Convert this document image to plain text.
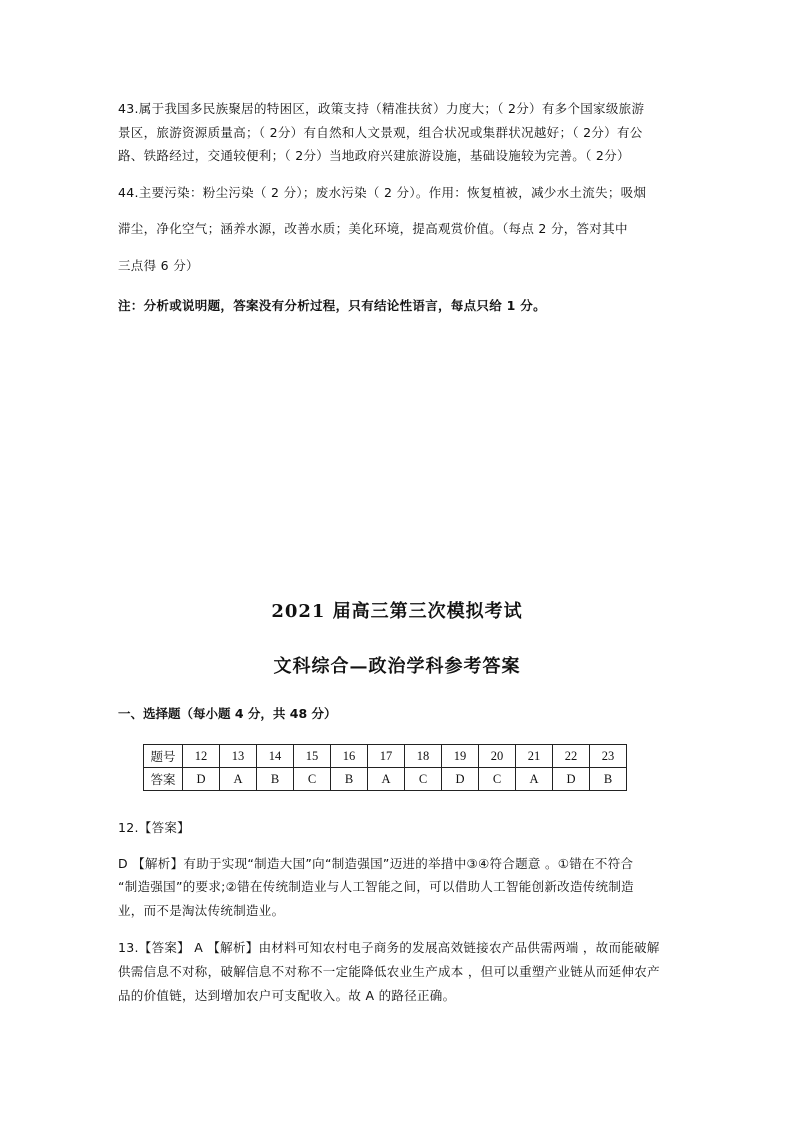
43.属于我国多民族聚居的特困区，政策支持（精准扶贫）力度大；（ 2分）有多个国家级旅游
景区，旅游资源质量高；（ 2分）有自然和人文景观，组合状况或集群状况越好；（ 2分）有公
路、铁路经过，交通较便利；（ 2分）当地政府兴建旅游设施，基础设施较为完善。（ 2分）
44.主要污染：粉尘污染（ 2 分）；废水污染（ 2 分）。作用：恢复植被，减少水土流失；吸烟
滞尘，净化空气；涵养水源，改善水质；美化环境，提高观赏价值。（每点 2 分，答对其中
三点得 6 分）
注：分析或说明题，答案没有分析过程，只有结论性语言，每点只给 1 分。
2021 届高三第三次模拟考试
文科综合—政治学科参考答案
一、选择题（每小题 4 分，共 48 分）
题号	12	13	14	15	16	17	18	19	20	21	22	23
答案	D	A	B	C	B	A	C	D	C	A	D	B
12.【答案】
D 【解析】有助于实现“制造大国”向“制造强国”迈进的举措中③④符合题意 。①错在不符合
“制造强国”的要求;②错在传统制造业与人工智能之间，可以借助人工智能创新改造传统制造
业，而不是淘汰传统制造业。
13.【答案】 A 【解析】由材料可知农村电子商务的发展高效链接农产品供需两端 ，故而能破解
供需信息不对称，破解信息不对称不一定能降低农业生产成本 ，但可以重塑产业链从而延伸农产
品的价值链，达到增加农户可支配收入。故 A 的路径正确。
